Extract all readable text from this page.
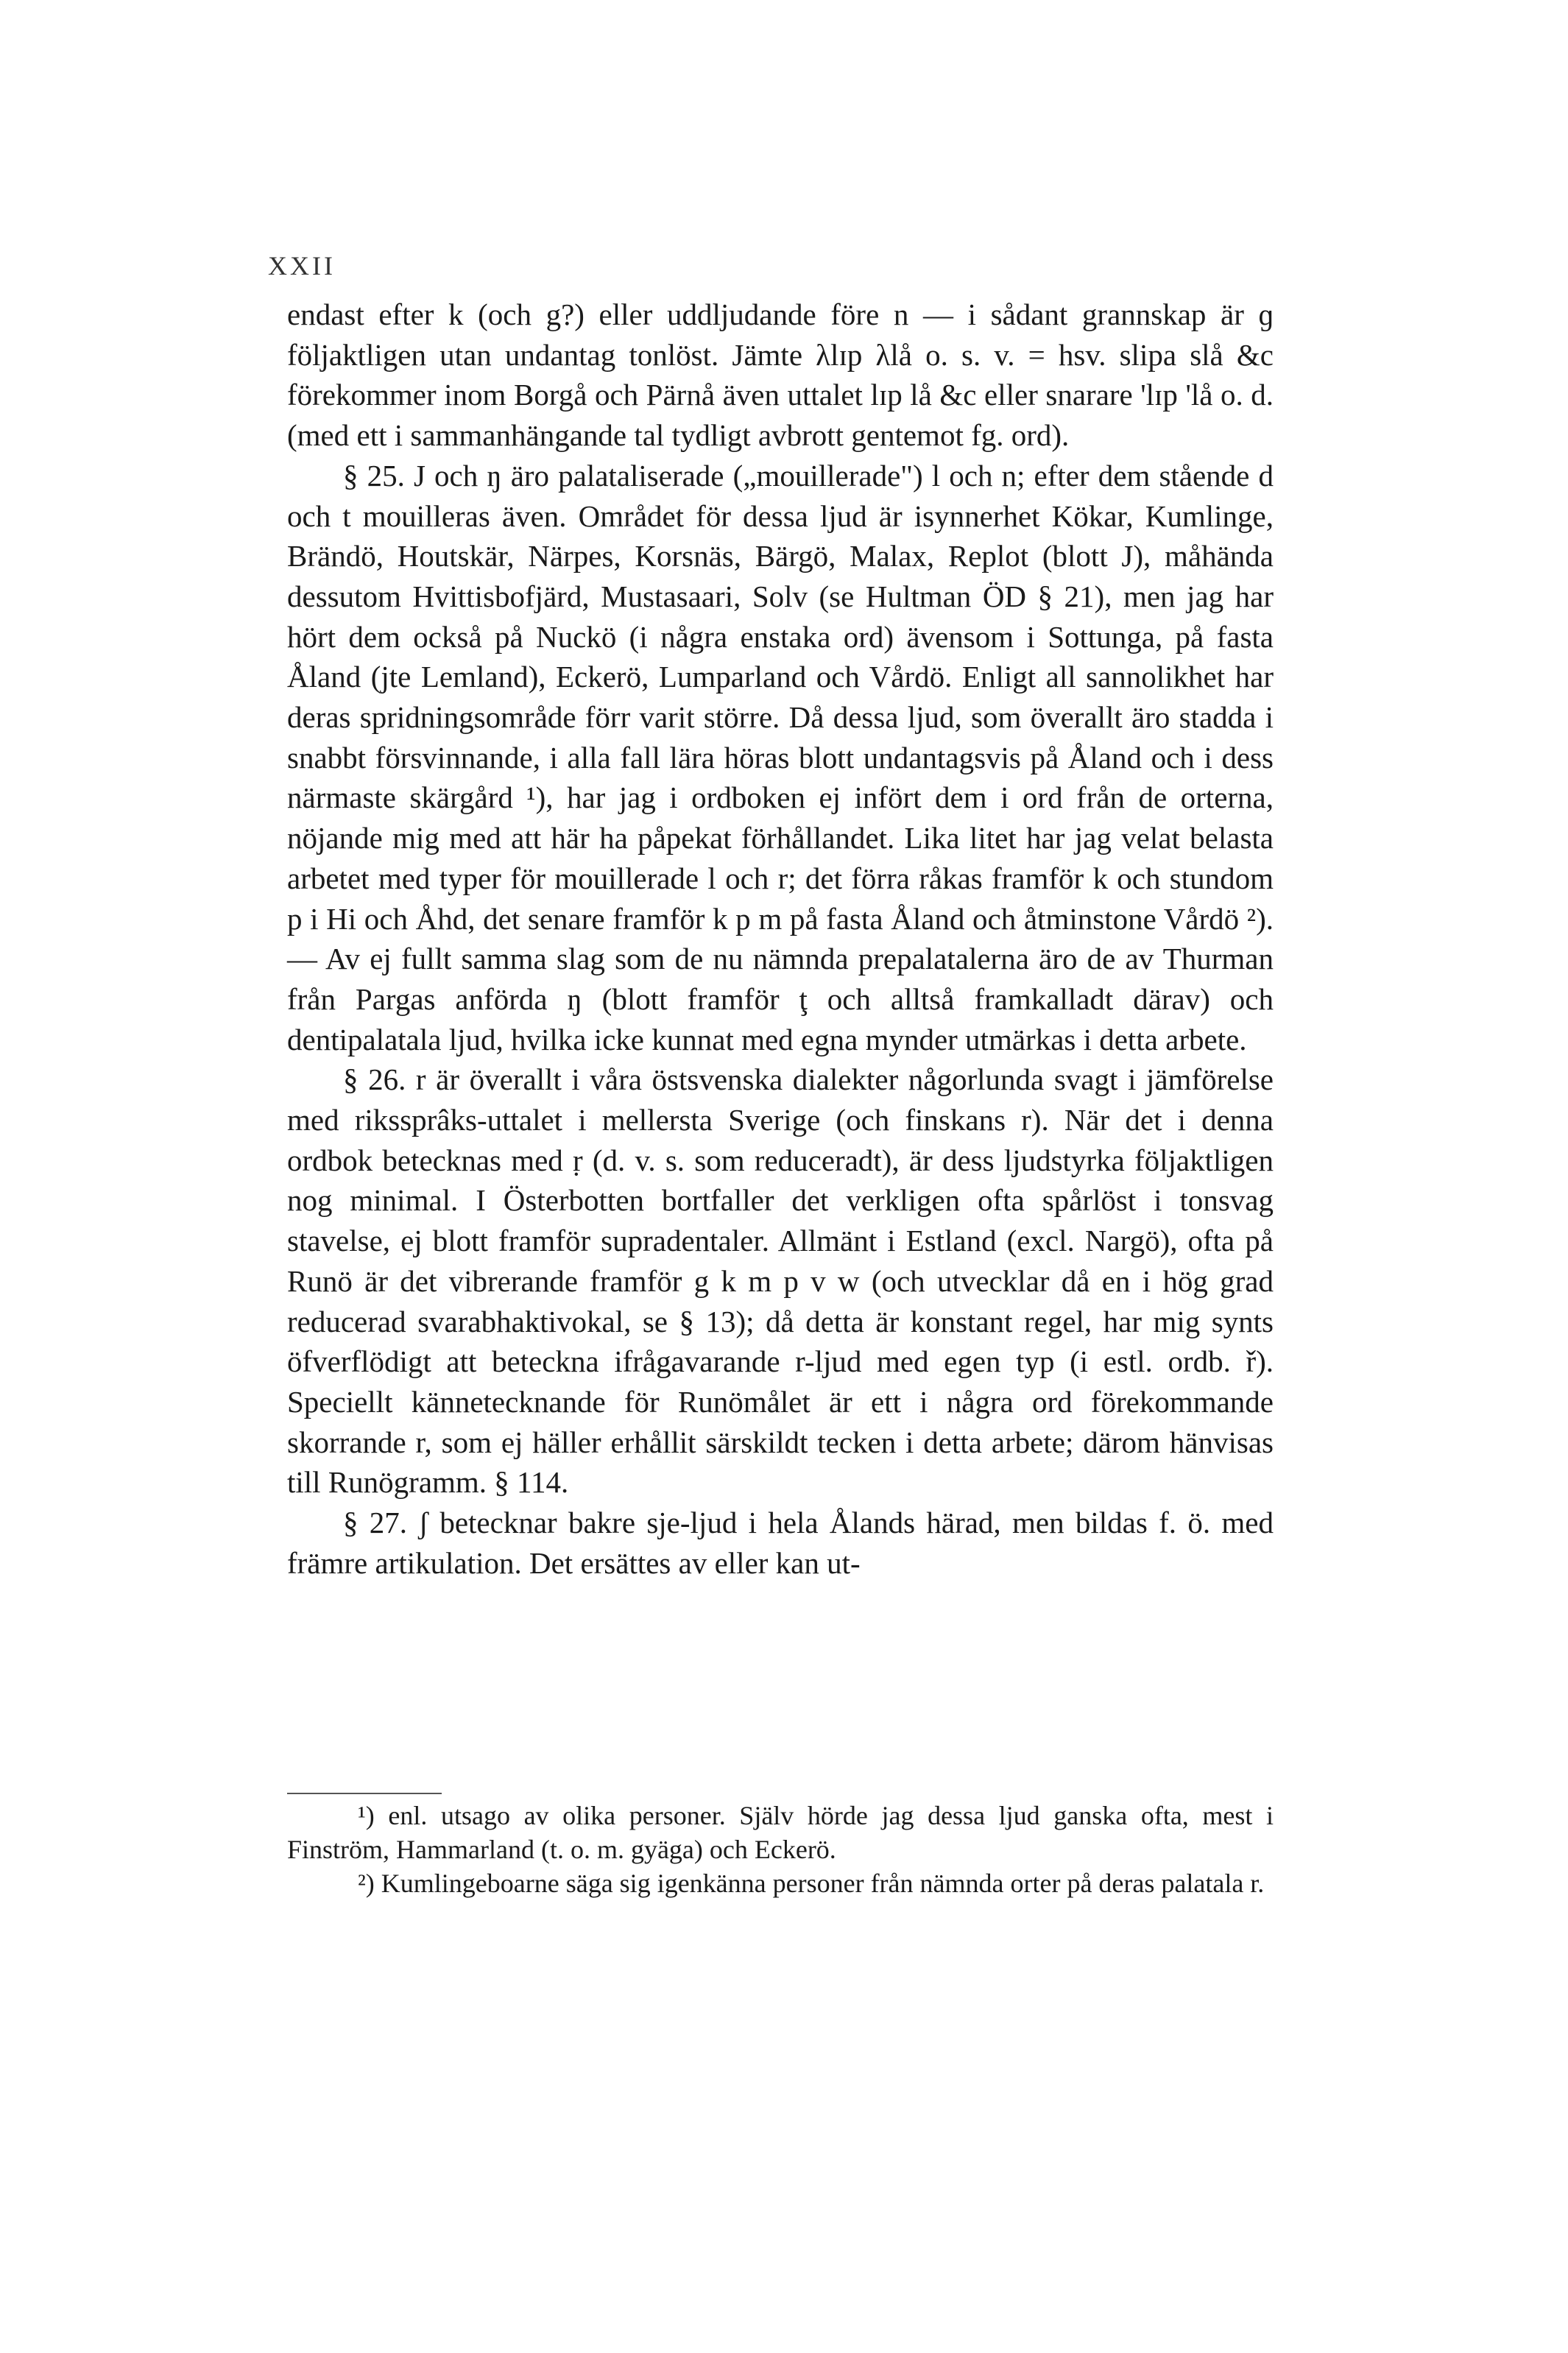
XXII

endast efter k (och g?) eller uddljudande före n — i sådant grannskap är ɡ följaktligen utan undantag tonlöst. Jämte λlɪp λlå o. s. v. = hsv. slipa slå &c förekommer inom Borgå och Pärnå även uttalet lɪp lå &c eller snarare 'lɪp 'lå o. d. (med ett i sammanhängande tal tydligt avbrott gentemot fg. ord).

§ 25. J och ŋ äro palataliserade („mouillerade") l och n; efter dem stående d och t mouilleras även. Området för dessa ljud är isynnerhet Kökar, Kumlinge, Brändö, Houtskär, Närpes, Korsnäs, Bärgö, Malax, Replot (blott J), måhända dessutom Hvittisbofjärd, Mustasaari, Solv (se Hultman ÖD § 21), men jag har hört dem också på Nuckö (i några enstaka ord) ävensom i Sottunga, på fasta Åland (jte Lemland), Eckerö, Lumparland och Vårdö. Enligt all sannolikhet har deras spridningsområde förr varit större. Då dessa ljud, som överallt äro stadda i snabbt försvinnande, i alla fall lära höras blott undantagsvis på Åland och i dess närmaste skärgård ¹), har jag i ordboken ej infört dem i ord från de orterna, nöjande mig med att här ha påpekat förhållandet. Lika litet har jag velat belasta arbetet med typer för mouillerade l och r; det förra råkas framför k och stundom p i Hi och Åhd, det senare framför k p m på fasta Åland och åtminstone Vårdö ²). — Av ej fullt samma slag som de nu nämnda prepalatalerna äro de av Thurman från Pargas anförda ŋ (blott framför ţ och alltså framkalladt därav) och dentipalatala ljud, hvilka icke kunnat med egna mynder utmärkas i detta arbete.

§ 26. r är överallt i våra östsvenska dialekter någorlunda svagt i jämförelse med rikssprâks-uttalet i mellersta Sverige (och finskans r). När det i denna ordbok betecknas med ṛ (d. v. s. som reduceradt), är dess ljudstyrka följaktligen nog minimal. I Österbotten bortfaller det verkligen ofta spårlöst i tonsvag stavelse, ej blott framför supradentaler. Allmänt i Estland (excl. Nargö), ofta på Runö är det vibrerande framför g k m p v w (och utvecklar då en i hög grad reducerad svarabhaktivokal, se § 13); då detta är konstant regel, har mig synts öfverflödigt att beteckna ifrågavarande r-ljud med egen typ (i estl. ordb. ř). Speciellt kännetecknande för Runömålet är ett i några ord förekommande skorrande r, som ej häller erhållit särskildt tecken i detta arbete; därom hänvisas till Runögramm. § 114.

§ 27. ʃ betecknar bakre sje-ljud i hela Ålands härad, men bildas f. ö. med främre artikulation. Det ersättes av eller kan ut-

¹) enl. utsago av olika personer. Själv hörde jag dessa ljud ganska ofta, mest i Finström, Hammarland (t. o. m. gyäga) och Eckerö.

²) Kumlingeboarne säga sig igenkänna personer från nämnda orter på deras palatala r.
